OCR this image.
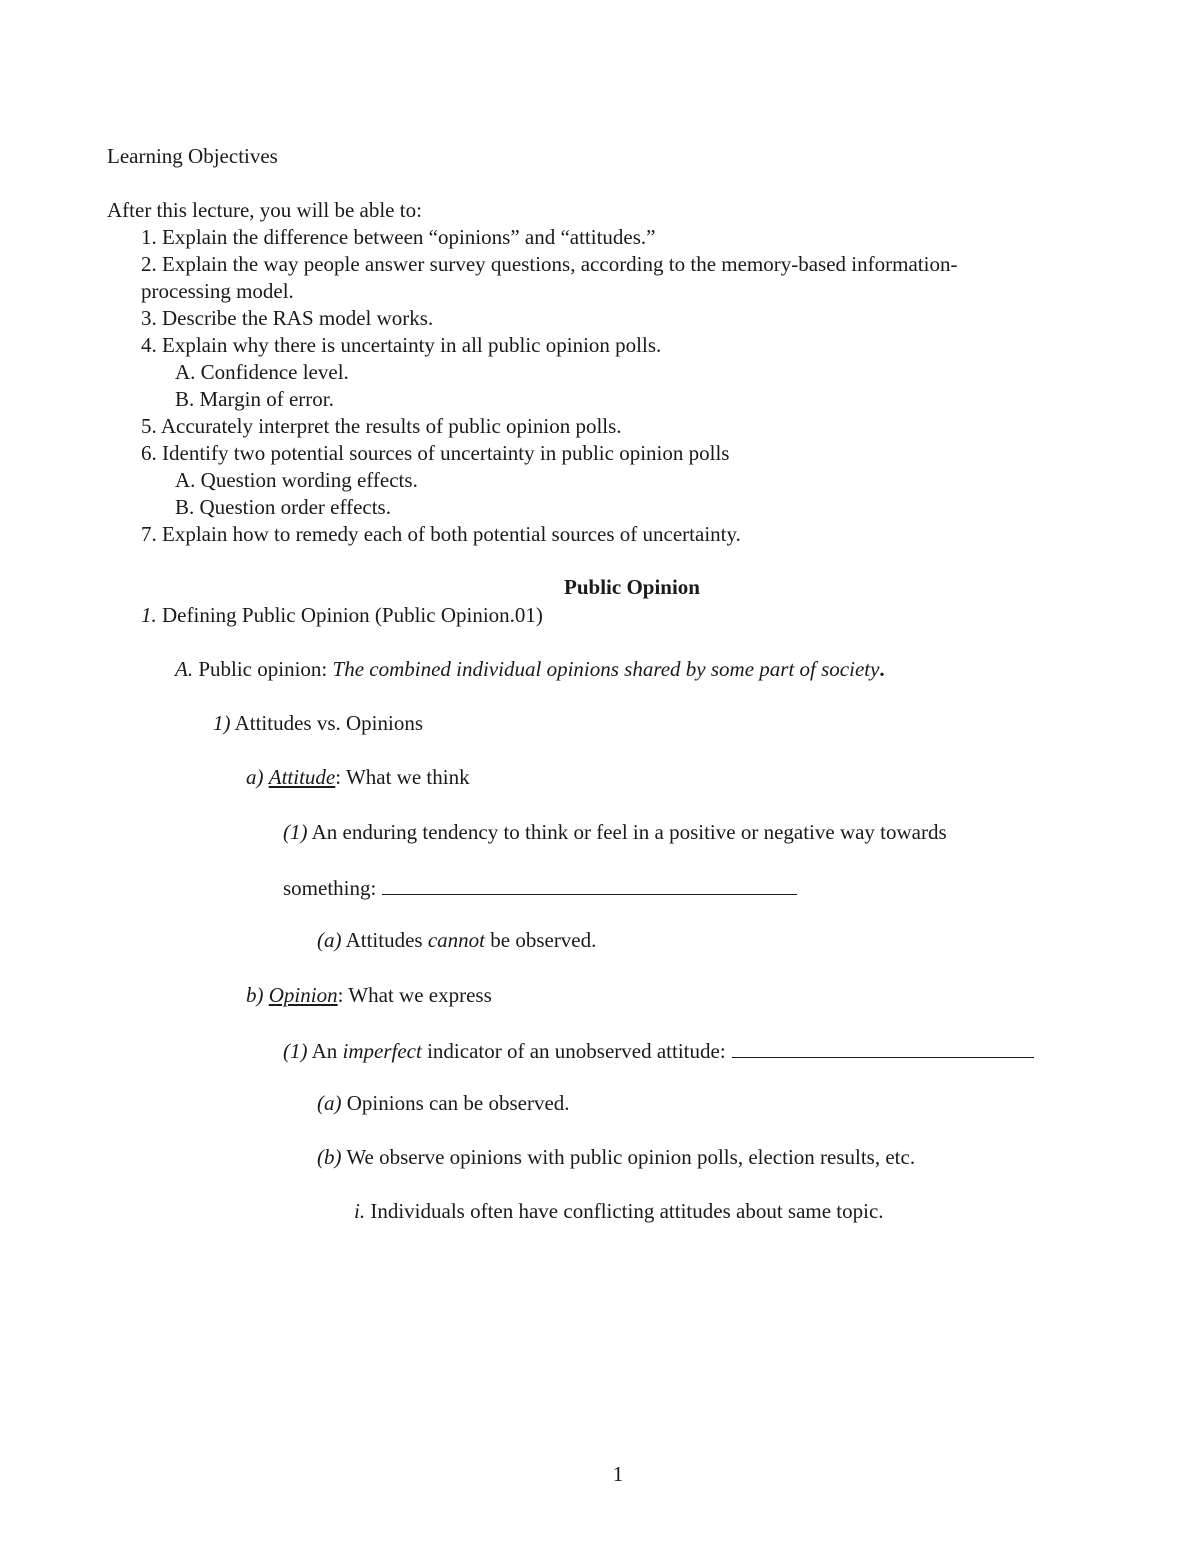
Learning Objectives
After this lecture, you will be able to:
1. Explain the difference between “opinions” and “attitudes.”
2. Explain the way people answer survey questions, according to the memory-based information-
processing model.
3. Describe the RAS model works.
4. Explain why there is uncertainty in all public opinion polls.
A. Confidence level.
B. Margin of error.
5. Accurately interpret the results of public opinion polls.
6. Identify two potential sources of uncertainty in public opinion polls
A. Question wording effects.
B. Question order effects.
7. Explain how to remedy each of both potential sources of uncertainty.
Public Opinion
1. Defining Public Opinion (Public Opinion.01)
A. Public opinion: The combined individual opinions shared by some part of society.
1) Attitudes vs. Opinions
a) Attitude: What we think
(1) An enduring tendency to think or feel in a positive or negative way towards
something:
(a) Attitudes cannot be observed.
b) Opinion: What we express
(1) An imperfect indicator of an unobserved attitude:
(a) Opinions can be observed.
(b) We observe opinions with public opinion polls, election results, etc.
i. Individuals often have conflicting attitudes about same topic.
1
